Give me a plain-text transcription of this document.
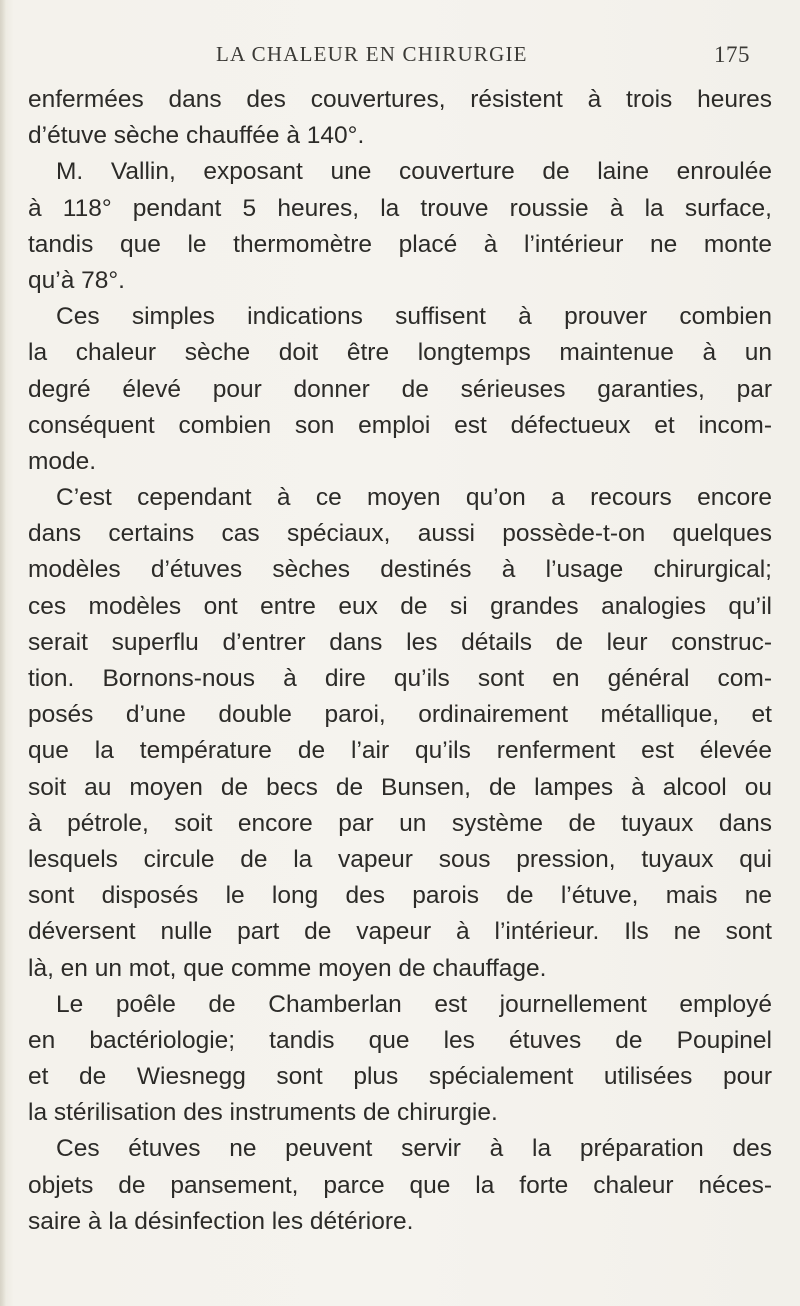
LA CHALEUR EN CHIRURGIE	175
enfermées dans des couvertures, résistent à trois heures
d’étuve sèche chauffée à 140°.
M. Vallin, exposant une couverture de laine enroulée
à 118° pendant 5 heures, la trouve roussie à la surface,
tandis que le thermomètre placé à l’intérieur ne monte
qu’à 78°.
Ces simples indications suffisent à prouver combien
la chaleur sèche doit être longtemps maintenue à un
degré élevé pour donner de sérieuses garanties, par
conséquent combien son emploi est défectueux et incom-
mode.
C’est cependant à ce moyen qu’on a recours encore
dans certains cas spéciaux, aussi possède-t-on quelques
modèles d’étuves sèches destinés à l’usage chirurgical;
ces modèles ont entre eux de si grandes analogies qu’il
serait superflu d’entrer dans les détails de leur construc-
tion. Bornons-nous à dire qu’ils sont en général com-
posés d’une double paroi, ordinairement métallique, et
que la température de l’air qu’ils renferment est élevée
soit au moyen de becs de Bunsen, de lampes à alcool ou
à pétrole, soit encore par un système de tuyaux dans
lesquels circule de la vapeur sous pression, tuyaux qui
sont disposés le long des parois de l’étuve, mais ne
déversent nulle part de vapeur à l’intérieur. Ils ne sont
là, en un mot, que comme moyen de chauffage.
Le poêle de Chamberlan est journellement employé
en bactériologie; tandis que les étuves de Poupinel
et de Wiesnegg sont plus spécialement utilisées pour
la stérilisation des instruments de chirurgie.
Ces étuves ne peuvent servir à la préparation des
objets de pansement, parce que la forte chaleur néces-
saire à la désinfection les détériore.
